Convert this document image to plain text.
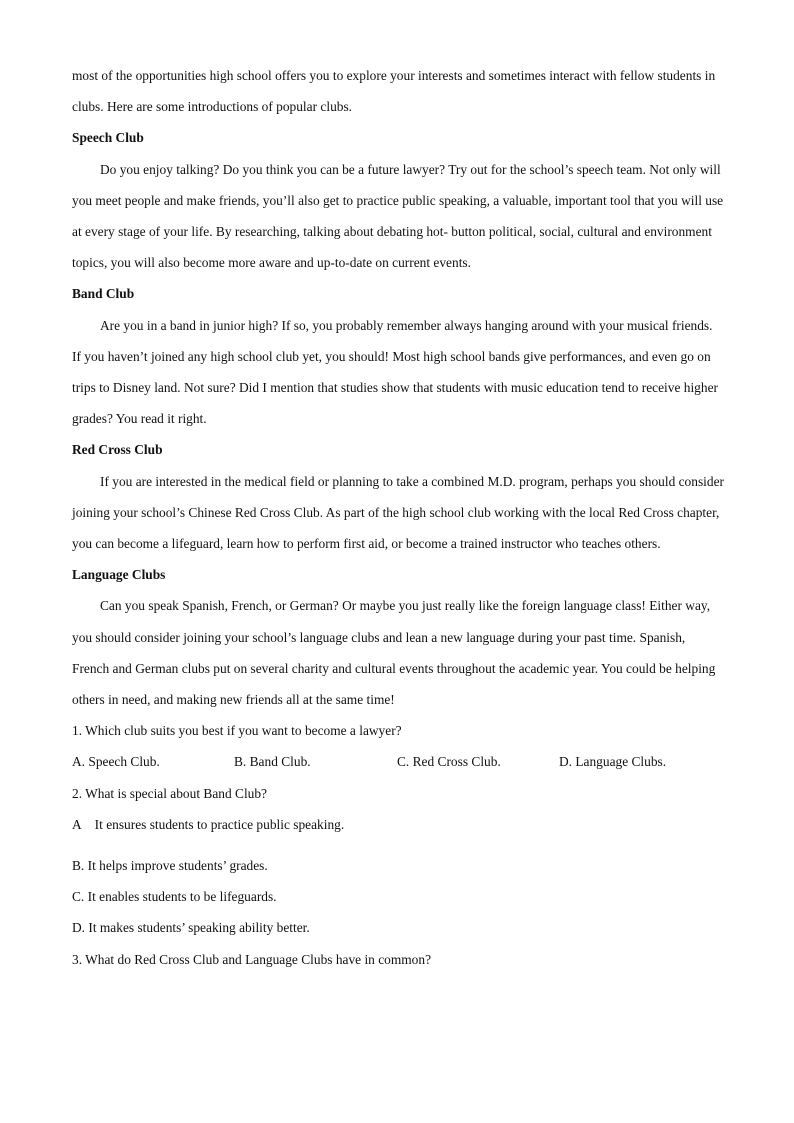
most of the opportunities high school offers you to explore your interests and sometimes interact with fellow students in clubs. Here are some introductions of popular clubs.

Speech Club

Do you enjoy talking? Do you think you can be a future lawyer? Try out for the school’s speech team. Not only will you meet people and make friends, you’ll also get to practice public speaking, a valuable, important tool that you will use at every stage of your life. By researching, talking about debating hot- button political, social, cultural and environment topics, you will also become more aware and up-to-date on current events.

Band Club

Are you in a band in junior high? If so, you probably remember always hanging around with your musical friends. If you haven’t joined any high school club yet, you should! Most high school bands give performances, and even go on trips to Disney land. Not sure? Did I mention that studies show that students with music education tend to receive higher grades? You read it right.

Red Cross Club

If you are interested in the medical field or planning to take a combined M.D. program, perhaps you should consider joining your school’s Chinese Red Cross Club. As part of the high school club working with the local Red Cross chapter, you can become a lifeguard, learn how to perform first aid, or become a trained instructor who teaches others.

Language Clubs

Can you speak Spanish, French, or German? Or maybe you just really like the foreign language class! Either way, you should consider joining your school’s language clubs and lean a new language during your past time. Spanish, French and German clubs put on several charity and cultural events throughout the academic year. You could be helping others in need, and making new friends all at the same time!

1. Which club suits you best if you want to become a lawyer?

A. Speech Club.	B. Band Club.	C. Red Cross Club.	D. Language Clubs.

2. What is special about Band Club?

A It ensures students to practice public speaking.

B. It helps improve students’ grades.

C. It enables students to be lifeguards.

D. It makes students’ speaking ability better.

3. What do Red Cross Club and Language Clubs have in common?
